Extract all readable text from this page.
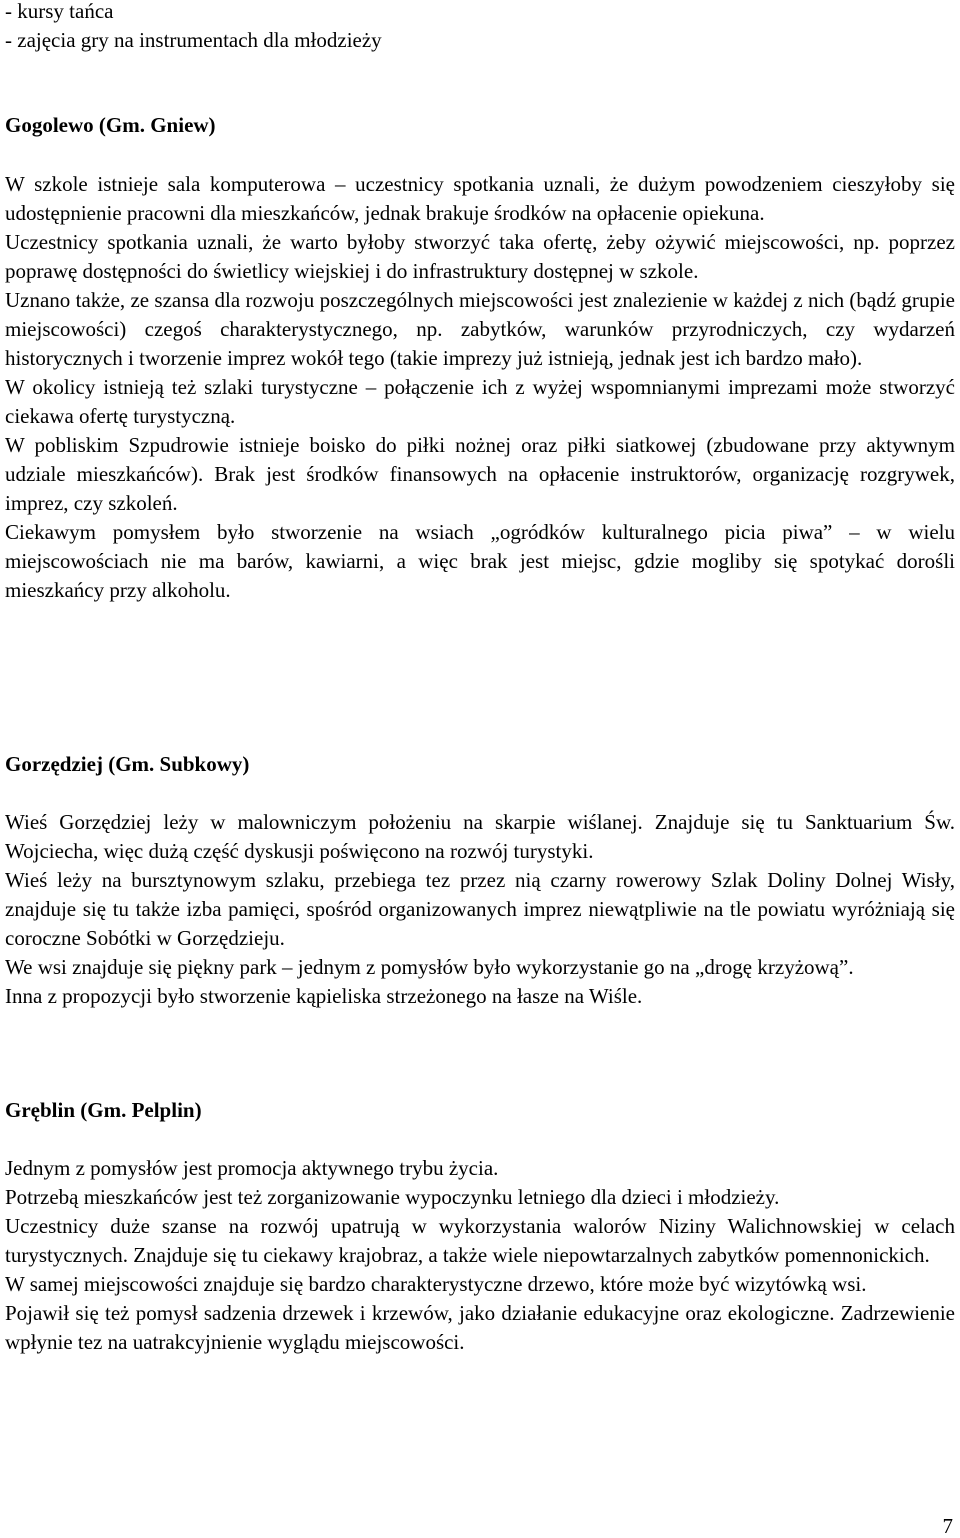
- kursy tańca

- zajęcia gry na instrumentach dla młodzieży

Gogolewo (Gm. Gniew)

W szkole istnieje sala komputerowa – uczestnicy spotkania uznali, że dużym powodzeniem cieszyłoby się udostępnienie pracowni dla mieszkańców, jednak brakuje środków na opłacenie opiekuna.

Uczestnicy spotkania uznali, że warto byłoby stworzyć taka ofertę, żeby ożywić miejscowości, np. poprzez poprawę dostępności do świetlicy wiejskiej i do infrastruktury dostępnej w szkole.

Uznano także, ze szansa dla rozwoju poszczególnych miejscowości jest znalezienie w każdej z nich (bądź grupie miejscowości) czegoś charakterystycznego, np. zabytków, warunków przyrodniczych, czy wydarzeń historycznych i tworzenie imprez wokół tego (takie imprezy już istnieją, jednak jest ich bardzo mało).

W okolicy istnieją też szlaki turystyczne – połączenie ich z wyżej wspomnianymi imprezami może stworzyć ciekawa ofertę turystyczną.

W pobliskim Szpudrowie istnieje boisko do piłki nożnej oraz piłki siatkowej (zbudowane przy aktywnym udziale mieszkańców). Brak jest środków finansowych na opłacenie instruktorów, organizację rozgrywek, imprez, czy szkoleń.

Ciekawym pomysłem było stworzenie na wsiach „ogródków kulturalnego picia piwa” – w wielu miejscowościach nie ma barów, kawiarni, a więc brak jest miejsc, gdzie mogliby się spotykać dorośli mieszkańcy przy alkoholu.

Gorzędziej (Gm. Subkowy)

Wieś Gorzędziej leży w malowniczym położeniu na skarpie wiślanej. Znajduje się tu Sanktuarium Św. Wojciecha, więc dużą część dyskusji poświęcono na rozwój turystyki.

Wieś leży na bursztynowym szlaku, przebiega tez przez nią czarny rowerowy Szlak Doliny Dolnej Wisły, znajduje się tu także izba pamięci, spośród organizowanych imprez niewątpliwie na tle powiatu wyróżniają się coroczne Sobótki w Gorzędzieju.

We wsi znajduje się piękny park – jednym z pomysłów było wykorzystanie go na „drogę krzyżową”.

Inna z propozycji było stworzenie kąpieliska strzeżonego na łasze na Wiśle.

Gręblin (Gm. Pelplin)

Jednym z pomysłów jest promocja aktywnego trybu życia.

Potrzebą mieszkańców jest też zorganizowanie wypoczynku letniego dla dzieci i młodzieży.

Uczestnicy duże szanse na rozwój upatrują w wykorzystania walorów Niziny Walichnowskiej w celach turystycznych. Znajduje się tu ciekawy krajobraz, a także wiele niepowtarzalnych zabytków pomennonickich.

W samej miejscowości znajduje się bardzo charakterystyczne drzewo, które może być wizytówką wsi.

Pojawił się też pomysł sadzenia drzewek i krzewów, jako działanie edukacyjne oraz ekologiczne. Zadrzewienie wpłynie tez na uatrakcyjnienie wyglądu miejscowości.

7
